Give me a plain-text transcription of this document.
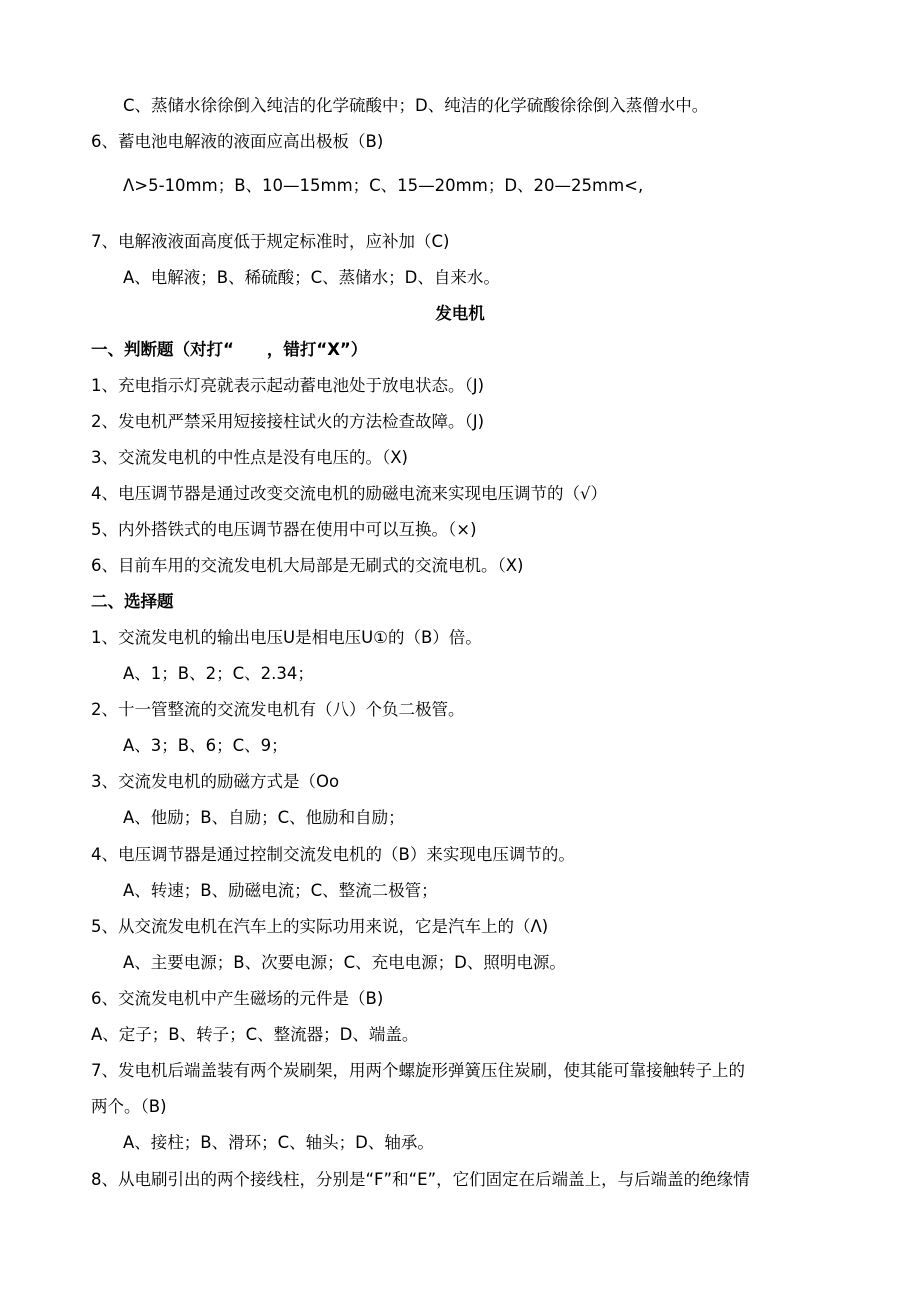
C、蒸储水徐徐倒入纯洁的化学硫酸中；D、纯洁的化学硫酸徐徐倒入蒸僧水中。
6、蓄电池电解液的液面应高出极板（B)
Λ>5-10mm；B、10—15mm；C、15—20mm；D、20—25mm<,
7、电解液液面高度低于规定标准时，应补加（C)
A、电解液；B、稀硫酸；C、蒸储水；D、自来水。
发电机
一、判断题（对打“　　，错打“X”）
1、充电指示灯亮就表示起动蓄电池处于放电状态。（J)
2、发电机严禁采用短接接柱试火的方法检查故障。（J)
3、交流发电机的中性点是没有电压的。（X)
4、电压调节器是通过改变交流电机的励磁电流来实现电压调节的（√）
5、内外搭铁式的电压调节器在使用中可以互换。（×)
6、目前车用的交流发电机大局部是无刷式的交流电机。（X)
二、选择题
1、交流发电机的输出电压U是相电压U①的（B）倍。
A、1；B、2；C、2.34；
2、十一管整流的交流发电机有（八）个负二极管。
A、3；B、6；C、9；
3、交流发电机的励磁方式是（Oo
A、他励；B、自励；C、他励和自励；
4、电压调节器是通过控制交流发电机的（B）来实现电压调节的。
A、转速；B、励磁电流；C、整流二极管；
5、从交流发电机在汽车上的实际功用来说，它是汽车上的（Λ)
A、主要电源；B、次要电源；C、充电电源；D、照明电源。
6、交流发电机中产生磁场的元件是（B)
A、定子；B、转子；C、整流器；D、端盖。
7、发电机后端盖装有两个炭刷架，用两个螺旋形弹簧压住炭刷，使其能可靠接触转子上的
两个。（B)
A、接柱；B、滑环；C、轴头；D、轴承。
8、从电刷引出的两个接线柱，分别是“F”和“E”，它们固定在后端盖上，与后端盖的绝缘情
